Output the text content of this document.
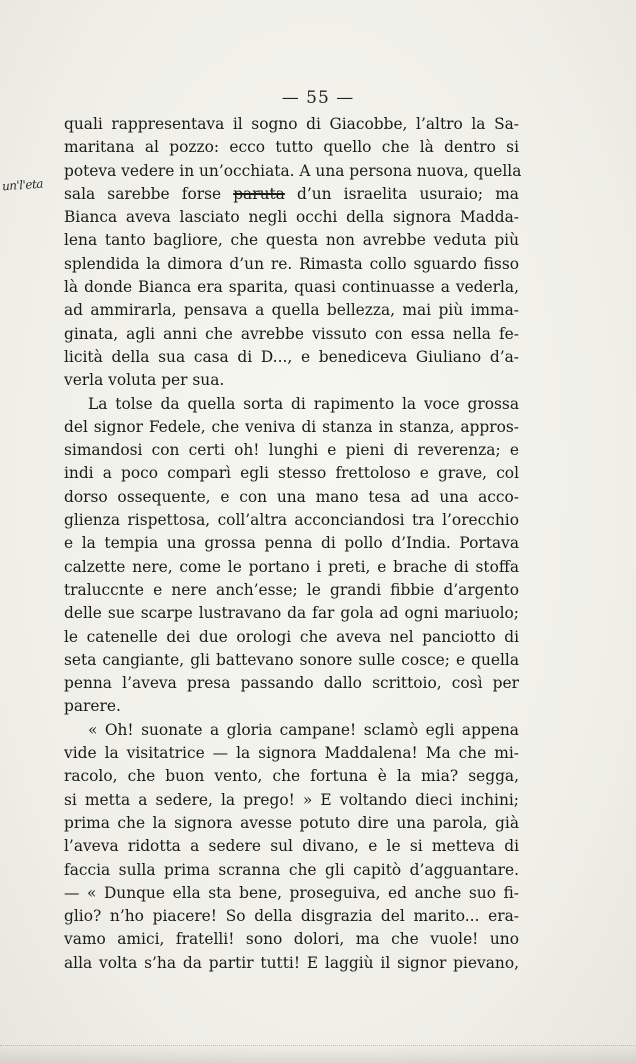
— 55 —
un'l'eta
quali rappresentava il sogno di Giacobbe, l’altro la Sa-
maritana al pozzo: ecco tutto quello che là dentro si
poteva vedere in un’occhiata. A una persona nuova, quella
sala sarebbe forse paruta d’un israelita usuraio; ma
Bianca aveva lasciato negli occhi della signora Madda-
lena tanto bagliore, che questa non avrebbe veduta più
splendida la dimora d’un re. Rimasta collo sguardo fisso
là donde Bianca era sparita, quasi continuasse a vederla,
ad ammirarla, pensava a quella bellezza, mai più imma-
ginata, agli anni che avrebbe vissuto con essa nella fe-
licità della sua casa di D..., e benediceva Giuliano d’a-
verla voluta per sua.
La tolse da quella sorta di rapimento la voce grossa
del signor Fedele, che veniva di stanza in stanza, appros-
simandosi con certi oh! lunghi e pieni di reverenza; e
indi a poco comparì egli stesso frettoloso e grave, col
dorso ossequente, e con una mano tesa ad una acco-
glienza rispettosa, coll’altra acconciandosi tra l’orecchio
e la tempia una grossa penna di pollo d’India. Portava
calzette nere, come le portano i preti, e brache di stoffa
traluccnte e nere anch’esse; le grandi fibbie d’argento
delle sue scarpe lustravano da far gola ad ogni mariuolo;
le catenelle dei due orologi che aveva nel panciotto di
seta cangiante, gli battevano sonore sulle cosce; e quella
penna l’aveva presa passando dallo scrittoio, così per
parere.
« Oh! suonate a gloria campane! sclamò egli appena
vide la visitatrice — la signora Maddalena! Ma che mi-
racolo, che buon vento, che fortuna è la mia? segga,
si metta a sedere, la prego! » E voltando dieci inchini;
prima che la signora avesse potuto dire una parola, già
l’aveva ridotta a sedere sul divano, e le si metteva di
faccia sulla prima scranna che gli capitò d’agguantare.
— « Dunque ella sta bene, proseguiva, ed anche suo fi-
glio? n’ho piacere! So della disgrazia del marito... era-
vamo amici, fratelli! sono dolori, ma che vuole! uno
alla volta s’ha da partir tutti! E laggiù il signor pievano,
